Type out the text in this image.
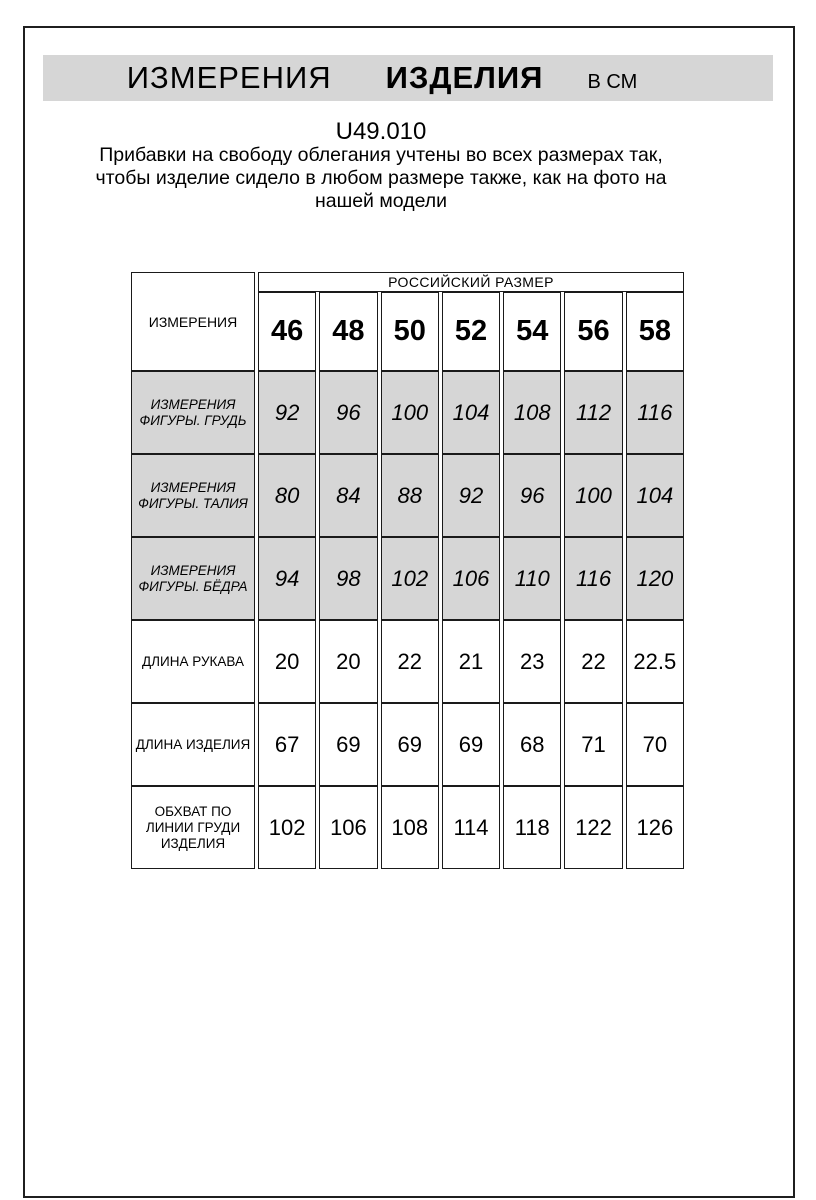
ИЗМЕРЕНИЯ ИЗДЕЛИЯ В СМ
U49.010
Прибавки на свободу облегания учтены во всех размерах так,
чтобы изделие сидело в любом размере также, как на фото на
нашей модели
ИЗМЕРЕНИЯ	РОССИЙСКИЙ РАЗМЕР						
	46	48	50	52	54	56	58
ИЗМЕРЕНИЯ ФИГУРЫ. ГРУДЬ	92	96	100	104	108	112	116
ИЗМЕРЕНИЯ ФИГУРЫ. ТАЛИЯ	80	84	88	92	96	100	104
ИЗМЕРЕНИЯ ФИГУРЫ. БЁДРА	94	98	102	106	110	116	120
ДЛИНА РУКАВА	20	20	22	21	23	22	22.5
ДЛИНА ИЗДЕЛИЯ	67	69	69	69	68	71	70
ОБХВАТ ПО ЛИНИИ ГРУДИ ИЗДЕЛИЯ	102	106	108	114	118	122	126
